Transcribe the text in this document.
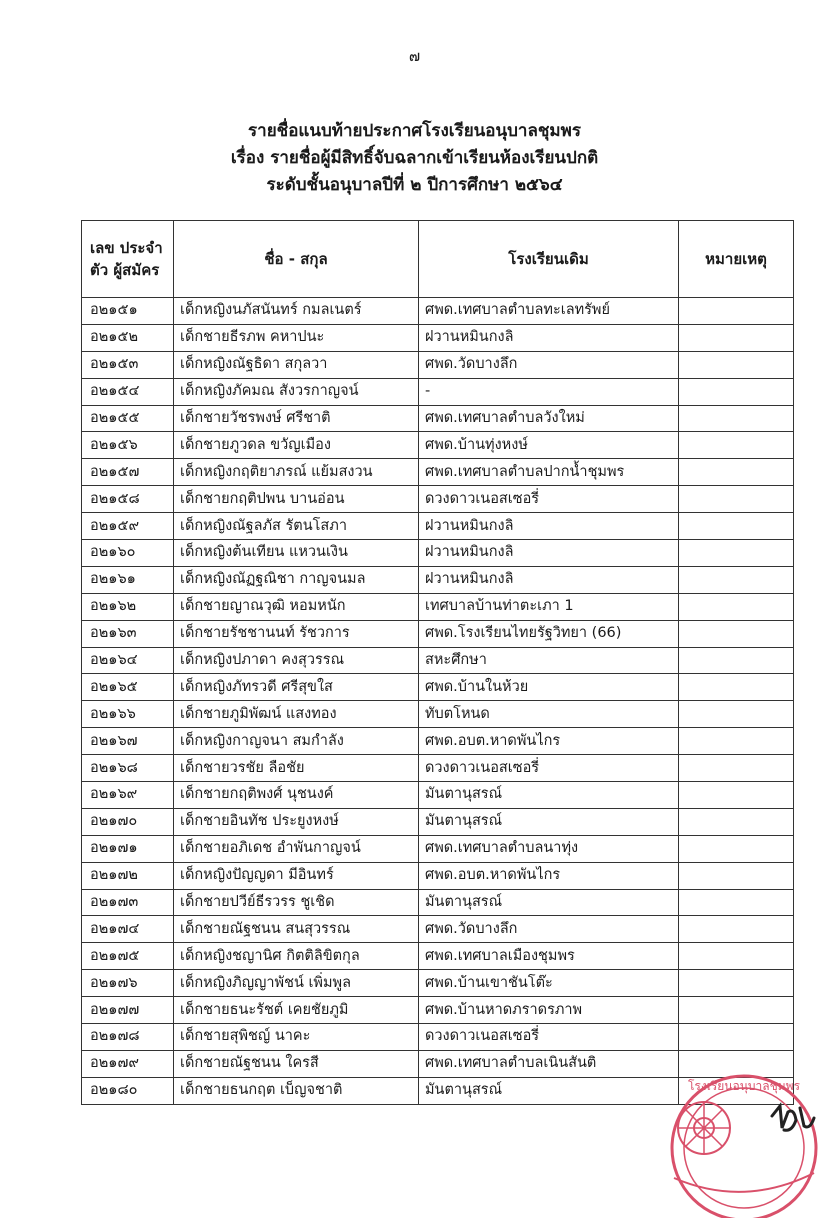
๗
รายชื่อแนบท้ายประกาศโรงเรียนอนุบาลชุมพร
เรื่อง รายชื่อผู้มีสิทธิ์จับฉลากเข้าเรียนห้องเรียนปกติ
ระดับชั้นอนุบาลปีที่ ๒ ปีการศึกษา ๒๕๖๔
เลข ประจำตัว ผู้สมัคร	ชื่อ - สกุล	โรงเรียนเดิม	หมายเหตุ
อ๒๑๕๑	เด็กหญิงนภัสนันทร์ กมลเนตร์	ศพด.เทศบาลตำบลทะเลทรัพย์	
อ๒๑๕๒	เด็กชายธีรภพ คหาปนะ	ฝวานหมินกงลิ	
อ๒๑๕๓	เด็กหญิงณัฐธิดา สกุลวา	ศพด.วัดบางลึก	
อ๒๑๕๔	เด็กหญิงภัคมณ สังวรกาญจน์	-	
อ๒๑๕๕	เด็กชายวัชรพงษ์ ศรีชาติ	ศพด.เทศบาลตำบลวังใหม่	
อ๒๑๕๖	เด็กชายภูวดล ขวัญเมือง	ศพด.บ้านทุ่งหงษ์	
อ๒๑๕๗	เด็กหญิงกฤติยาภรณ์ แย้มสงวน	ศพด.เทศบาลตำบลปากน้ำชุมพร	
อ๒๑๕๘	เด็กชายกฤติปพน บานอ่อน	ดวงดาวเนอสเซอรี่	
อ๒๑๕๙	เด็กหญิงณัฐลภัส รัตนโสภา	ฝวานหมินกงลิ	
อ๒๑๖๐	เด็กหญิงต้นเทียน แหวนเงิน	ฝวานหมินกงลิ	
อ๒๑๖๑	เด็กหญิงณัฏฐณิชา กาญจนมล	ฝวานหมินกงลิ	
อ๒๑๖๒	เด็กชายญาณวุฒิ หอมหนัก	เทศบาลบ้านท่าตะเภา 1	
อ๒๑๖๓	เด็กชายรัชชานนท์ รัชวการ	ศพด.โรงเรียนไทยรัฐวิทยา (66)	
อ๒๑๖๔	เด็กหญิงปภาดา คงสุวรรณ	สหะศึกษา	
อ๒๑๖๕	เด็กหญิงภัทรวดี ศรีสุขใส	ศพด.บ้านในห้วย	
อ๒๑๖๖	เด็กชายภูมิพัฒน์ แสงทอง	ทับตโหนด	
อ๒๑๖๗	เด็กหญิงกาญจนา สมกำลัง	ศพด.อบต.หาดพันไกร	
อ๒๑๖๘	เด็กชายวรชัย ลือชัย	ดวงดาวเนอสเซอรี่	
อ๒๑๖๙	เด็กชายกฤติพงศ์ นุชนงค์	มันตานุสรณ์	
อ๒๑๗๐	เด็กชายอินทัช ประยูงหงษ์	มันตานุสรณ์	
อ๒๑๗๑	เด็กชายอภิเดช อำพันกาญจน์	ศพด.เทศบาลตำบลนาทุ่ง	
อ๒๑๗๒	เด็กหญิงปัญญดา มีอินทร์	ศพด.อบต.หาดพันไกร	
อ๒๑๗๓	เด็กชายปวีย์ธีรวรร ชูเชิด	มันตานุสรณ์	
อ๒๑๗๔	เด็กชายณัฐชนน สนสุวรรณ	ศพด.วัดบางลึก	
อ๒๑๗๕	เด็กหญิงชญานิศ กิตติลิขิตกุล	ศพด.เทศบาลเมืองชุมพร	
อ๒๑๗๖	เด็กหญิงภิญญาพัชน์ เพิ่มพูล	ศพด.บ้านเขาชันโต๊ะ	
อ๒๑๗๗	เด็กชายธนะรัชต์ เคยชัยภูมิ	ศพด.บ้านหาดภราดรภาพ	
อ๒๑๗๘	เด็กชายสุพิชญ์ นาคะ	ดวงดาวเนอสเซอรี่	
อ๒๑๗๙	เด็กชายณัฐชนน ใครสี	ศพด.เทศบาลตำบลเนินสันติ	
อ๒๑๘๐	เด็กชายธนกฤต เบ็ญจชาติ	มันตานุสรณ์		โรงเรียนอนุบาลชุมพร
